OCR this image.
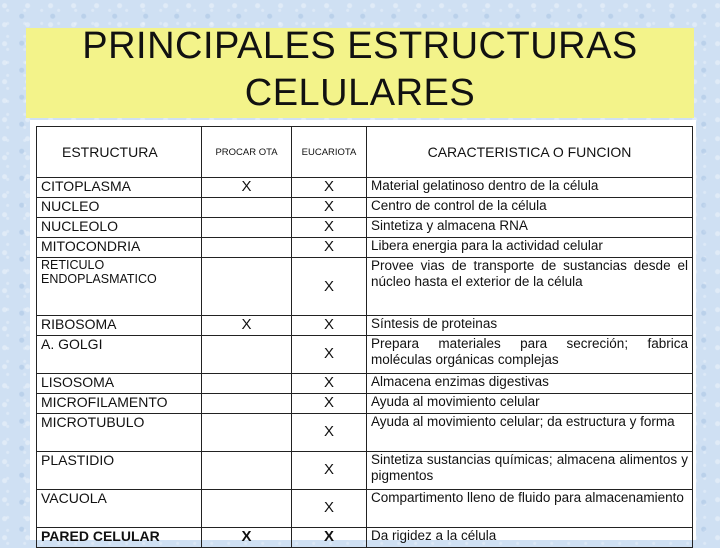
PRINCIPALES ESTRUCTURAS
CELULARES
ESTRUCTURA	PROCAR OTA	EUCARIOTA	CARACTERISTICA O FUNCION
CITOPLASMA	X	X	Material gelatinoso dentro de la célula
NUCLEO		X	Centro de control de la célula
NUCLEOLO		X	Sintetiza y almacena RNA
MITOCONDRIA		X	Libera energia para la actividad celular
RETICULO ENDOPLASMATICO		X	Provee vias de transporte de sustancias desde el núcleo hasta el exterior de la célula
RIBOSOMA	X	X	Síntesis de proteinas
A. GOLGI		X	Prepara materiales para secreción; fabrica moléculas orgánicas complejas
LISOSOMA		X	Almacena enzimas digestivas
MICROFILAMENTO		X	Ayuda al movimiento celular
MICROTUBULO		X	Ayuda al movimiento celular; da estructura y forma
PLASTIDIO		X	Sintetiza sustancias químicas; almacena alimentos y pigmentos
VACUOLA		X	Compartimento lleno de fluido para almacenamiento
PARED CELULAR	X	X	Da rigidez a la célula
